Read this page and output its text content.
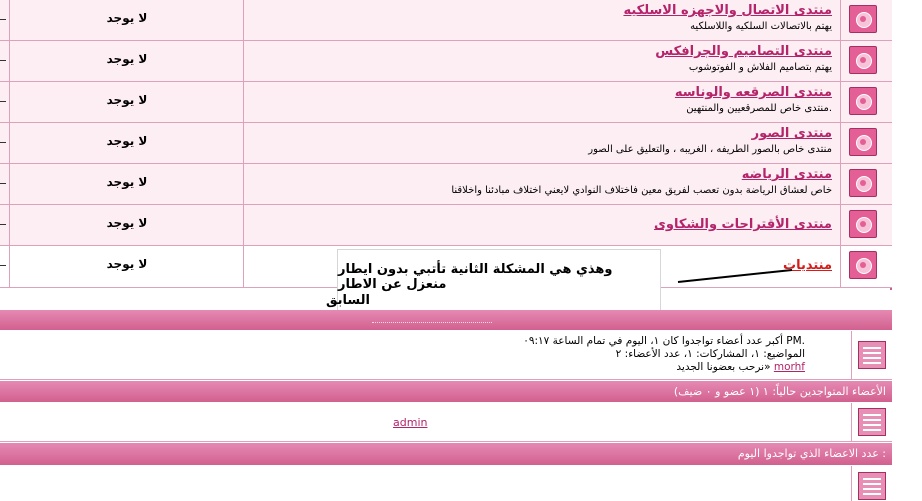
لا يوجد	منتدى الاتصال والاجهزه الاسلكيه
يهتم بالاتصالات السلكيه واللاسلكيه
لا يوجد	منتدى التصاميم والجرافكس
يهتم بتصاميم الفلاش و الفوتوشوب
لا يوجد	منتدى الصرقعه والوناسه
منتدى خاص للمصرقعيين والمنتهين.
لا يوجد	منتدى الصور
منتدى خاص بالصور الطريفه ، الغريبه ، والتعليق على الصور
لا يوجد	منتدى الرياضه
خاص لعشاق الرياضة بدون تعصب لفريق معين فاختلاف النوادي لايعني اختلاف مبادئنا واخلاقنا
لا يوجد	منتدى الأقتراحات والشكاوى
لا يوجد	منتديات
وهذي هي المشكلة الثانية تأتبي بدون ايطار منعزل عن الاطار
السابق
أكبر عدد أعضاء تواجدوا كان ١، اليوم في تمام الساعة ٠٩:١٧ PM.
المواضيع: ١، المشاركات: ١، عدد الأعضاء: ٢
نرحب بعضونا الجديد» morhf
الأعضاء المتواجدين حالياً: ١ (١ عضو و ٠ ضيف)
admin
عدد الاعضاء الذي تواجدوا اليوم :
